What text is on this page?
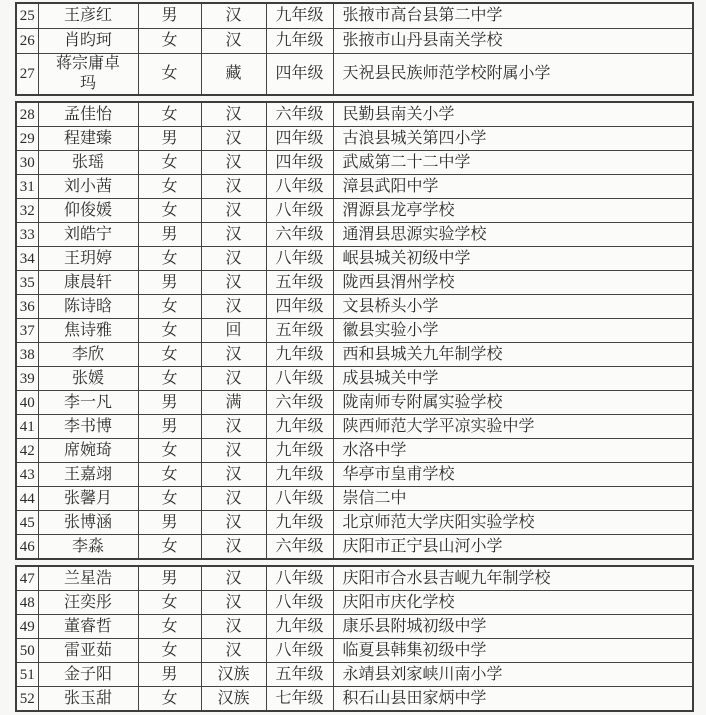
25	王彦红	男	汉	九年级	张掖市高台县第二中学
26	肖昀珂	女	汉	九年级	张掖市山丹县南关学校
27	蒋宗庸卓玛	女	藏	四年级	天祝县民族师范学校附属小学
28	孟佳怡	女	汉	六年级	民勤县南关小学
29	程建臻	男	汉	四年级	古浪县城关第四小学
30	张瑶	女	汉	四年级	武威第二十二中学
31	刘小茜	女	汉	八年级	漳县武阳中学
32	仰俊媛	女	汉	八年级	渭源县龙亭学校
33	刘皓宁	男	汉	六年级	通渭县思源实验学校
34	王玥婷	女	汉	八年级	岷县城关初级中学
35	康晨轩	男	汉	五年级	陇西县渭州学校
36	陈诗晗	女	汉	四年级	文县桥头小学
37	焦诗雅	女	回	五年级	徽县实验小学
38	李欣	女	汉	九年级	西和县城关九年制学校
39	张媛	女	汉	八年级	成县城关中学
40	李一凡	男	满	六年级	陇南师专附属实验学校
41	李书博	男	汉	九年级	陕西师范大学平凉实验中学
42	席婉琦	女	汉	九年级	水洛中学
43	王嘉翊	女	汉	九年级	华亭市皇甫学校
44	张馨月	女	汉	八年级	崇信二中
45	张博涵	男	汉	九年级	北京师范大学庆阳实验学校
46	李淼	女	汉	六年级	庆阳市正宁县山河小学
47	兰星浩	男	汉	八年级	庆阳市合水县吉岘九年制学校
48	汪奕彤	女	汉	八年级	庆阳市庆化学校
49	董睿哲	女	汉	九年级	康乐县附城初级中学
50	雷亚茹	女	汉	八年级	临夏县韩集初级中学
51	金子阳	男	汉族	五年级	永靖县刘家峡川南小学
52	张玉甜	女	汉族	七年级	积石山县田家炳中学
